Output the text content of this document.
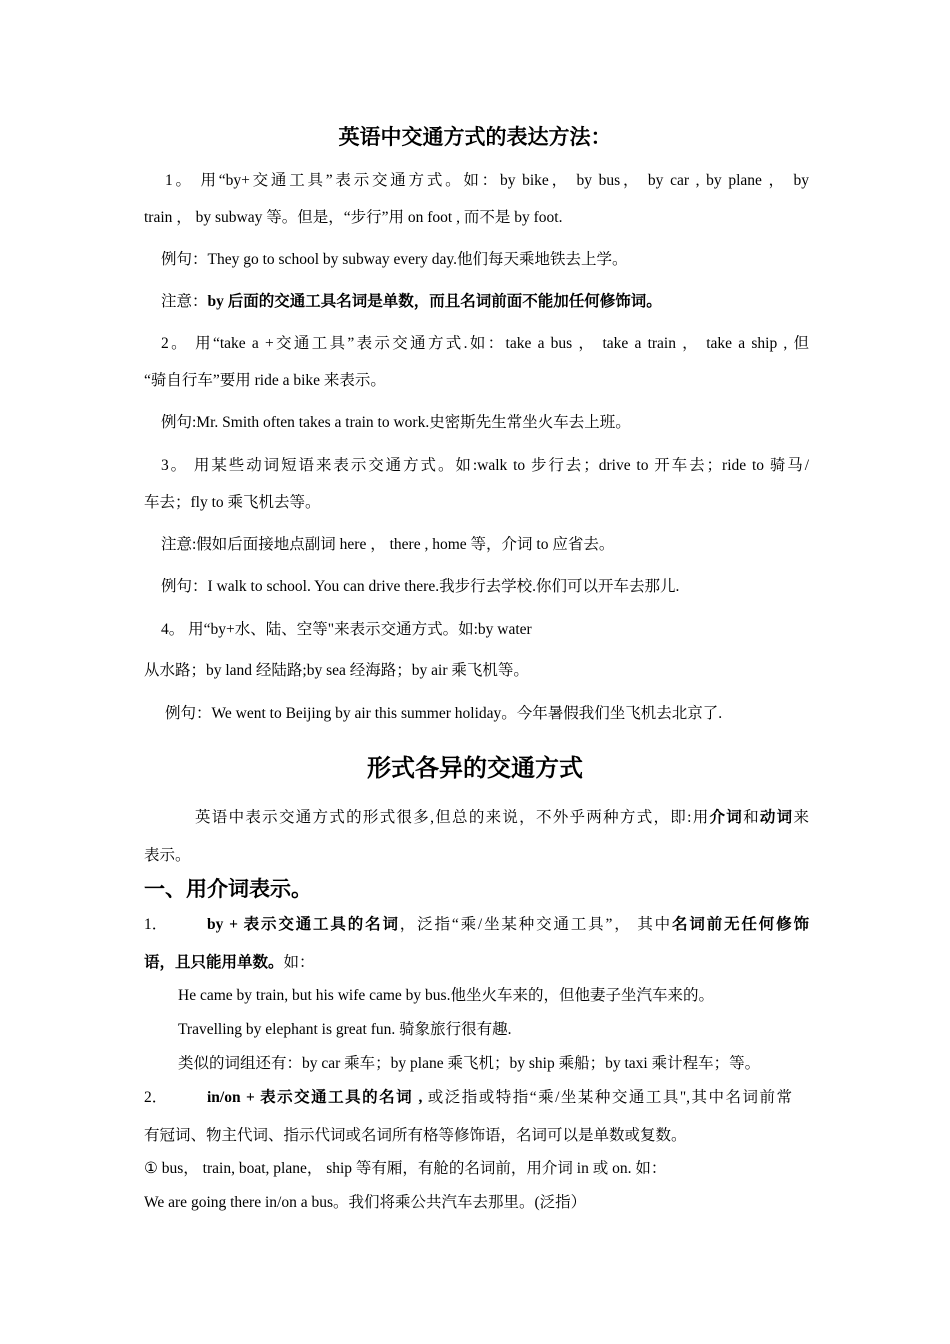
英语中交通方式的表达方法：

1。 用“by+交通工具”表示交通方式。如：by bike， by bus， by car , by plane ， by

train ， by subway 等。但是，“步行”用 on foot , 而不是 by foot.

例句：They go to school by subway every day.他们每天乘地铁去上学。

注意：by 后面的交通工具名词是单数，而且名词前面不能加任何修饰词。

2。 用“take a +交通工具”表示交通方式.如：take a bus ， take a train ， take a ship , 但

“骑自行车”要用 ride a bike 来表示。

例句:Mr. Smith often takes a train to work.史密斯先生常坐火车去上班。

3。 用某些动词短语来表示交通方式。如:walk to 步行去；drive to 开车去；ride to 骑马/

车去；fly to 乘飞机去等。

注意:假如后面接地点副词 here ， there , home 等，介词 to 应省去。

例句：I walk to school. You can drive there.我步行去学校.你们可以开车去那儿.

4。 用“by+水、陆、空等"来表示交通方式。如:by water

从水路；by land 经陆路;by sea 经海路；by air 乘飞机等。

例句：We went to Beijing by air this summer holiday。今年暑假我们坐飞机去北京了.

形式各异的交通方式

英语中表示交通方式的形式很多,但总的来说，不外乎两种方式，即:用介词和动词来

表示。

一、用介词表示。

1．	by + 表示交通工具的名词，泛指“乘/坐某种交通工具”， 其中名词前无任何修饰

语，且只能用单数。如：

He came by train, but his wife came by bus.他坐火车来的，但他妻子坐汽车来的。

Travelling by elephant is great fun. 骑象旅行很有趣.

类似的词组还有：by car 乘车；by plane 乘飞机；by ship 乘船；by taxi 乘计程车；等。

2．	in/on + 表示交通工具的名词 , 或泛指或特指“乘/坐某种交通工具",其中名词前常

有冠词、物主代词、指示代词或名词所有格等修饰语，名词可以是单数或复数。

① bus， train, boat, plane， ship 等有厢，有舱的名词前，用介词 in 或 on. 如：

We are going there in/on a bus。我们将乘公共汽车去那里。(泛指）
